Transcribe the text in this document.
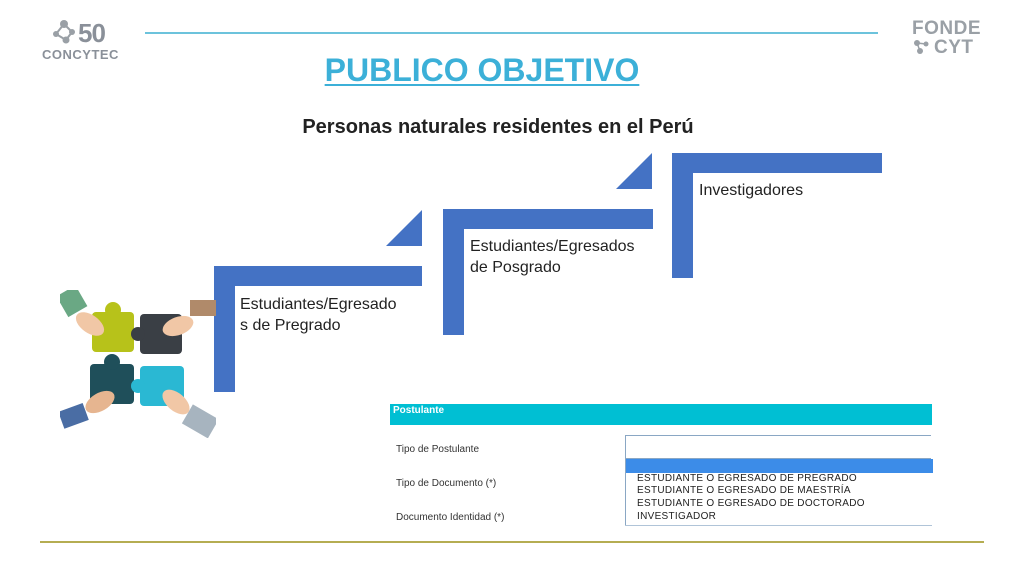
50
CONCYTEC
FONDE
CYT
PUBLICO OBJETIVO
Personas naturales residentes en el Perú
Estudiantes/Egresado
s de Pregrado
Estudiantes/Egresados
de Posgrado
Investigadores
Postulante
Tipo de Postulante
Tipo de Documento (*)
Documento Identidad (*)
ESTUDIANTE O EGRESADO DE PREGRADO
ESTUDIANTE O EGRESADO DE MAESTRÍA
ESTUDIANTE O EGRESADO DE DOCTORADO
INVESTIGADOR
